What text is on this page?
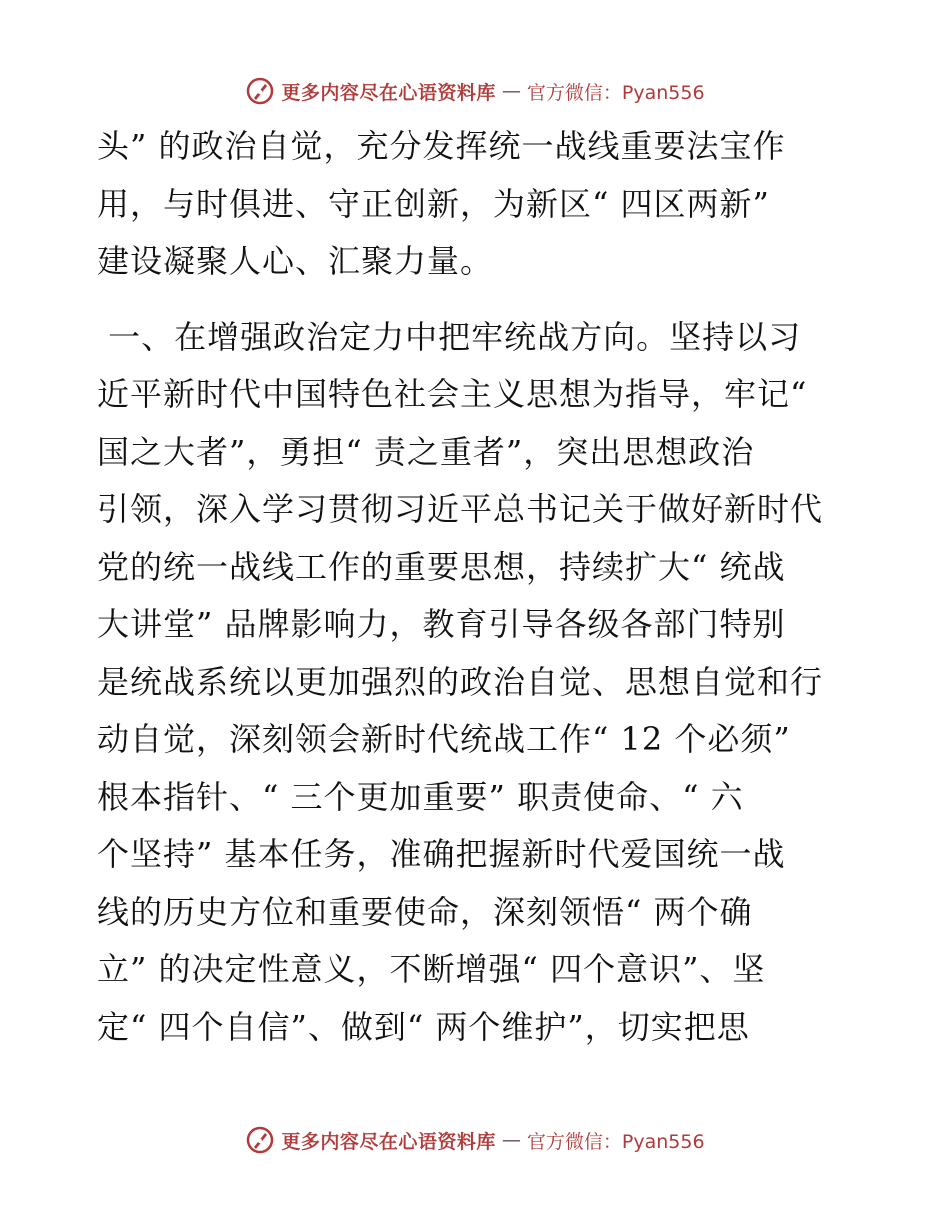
更多内容尽在心语资料库 — 官方微信：Pyan556
头” 的政治自觉，充分发挥统一战线重要法宝作
用，与时俱进、守正创新，为新区“ 四区两新”
建设凝聚人心、汇聚力量。
一、在增强政治定力中把牢统战方向。坚持以习
近平新时代中国特色社会主义思想为指导，牢记“
国之大者”，勇担“ 责之重者”，突出思想政治
引领，深入学习贯彻习近平总书记关于做好新时代
党的统一战线工作的重要思想，持续扩大“ 统战
大讲堂” 品牌影响力，教育引导各级各部门特别
是统战系统以更加强烈的政治自觉、思想自觉和行
动自觉，深刻领会新时代统战工作“ 12 个必须”
根本指针、“ 三个更加重要” 职责使命、“ 六
个坚持” 基本任务，准确把握新时代爱国统一战
线的历史方位和重要使命，深刻领悟“ 两个确
立” 的决定性意义，不断增强“ 四个意识”、坚
定“ 四个自信”、做到“ 两个维护”，切实把思
更多内容尽在心语资料库 — 官方微信：Pyan556
